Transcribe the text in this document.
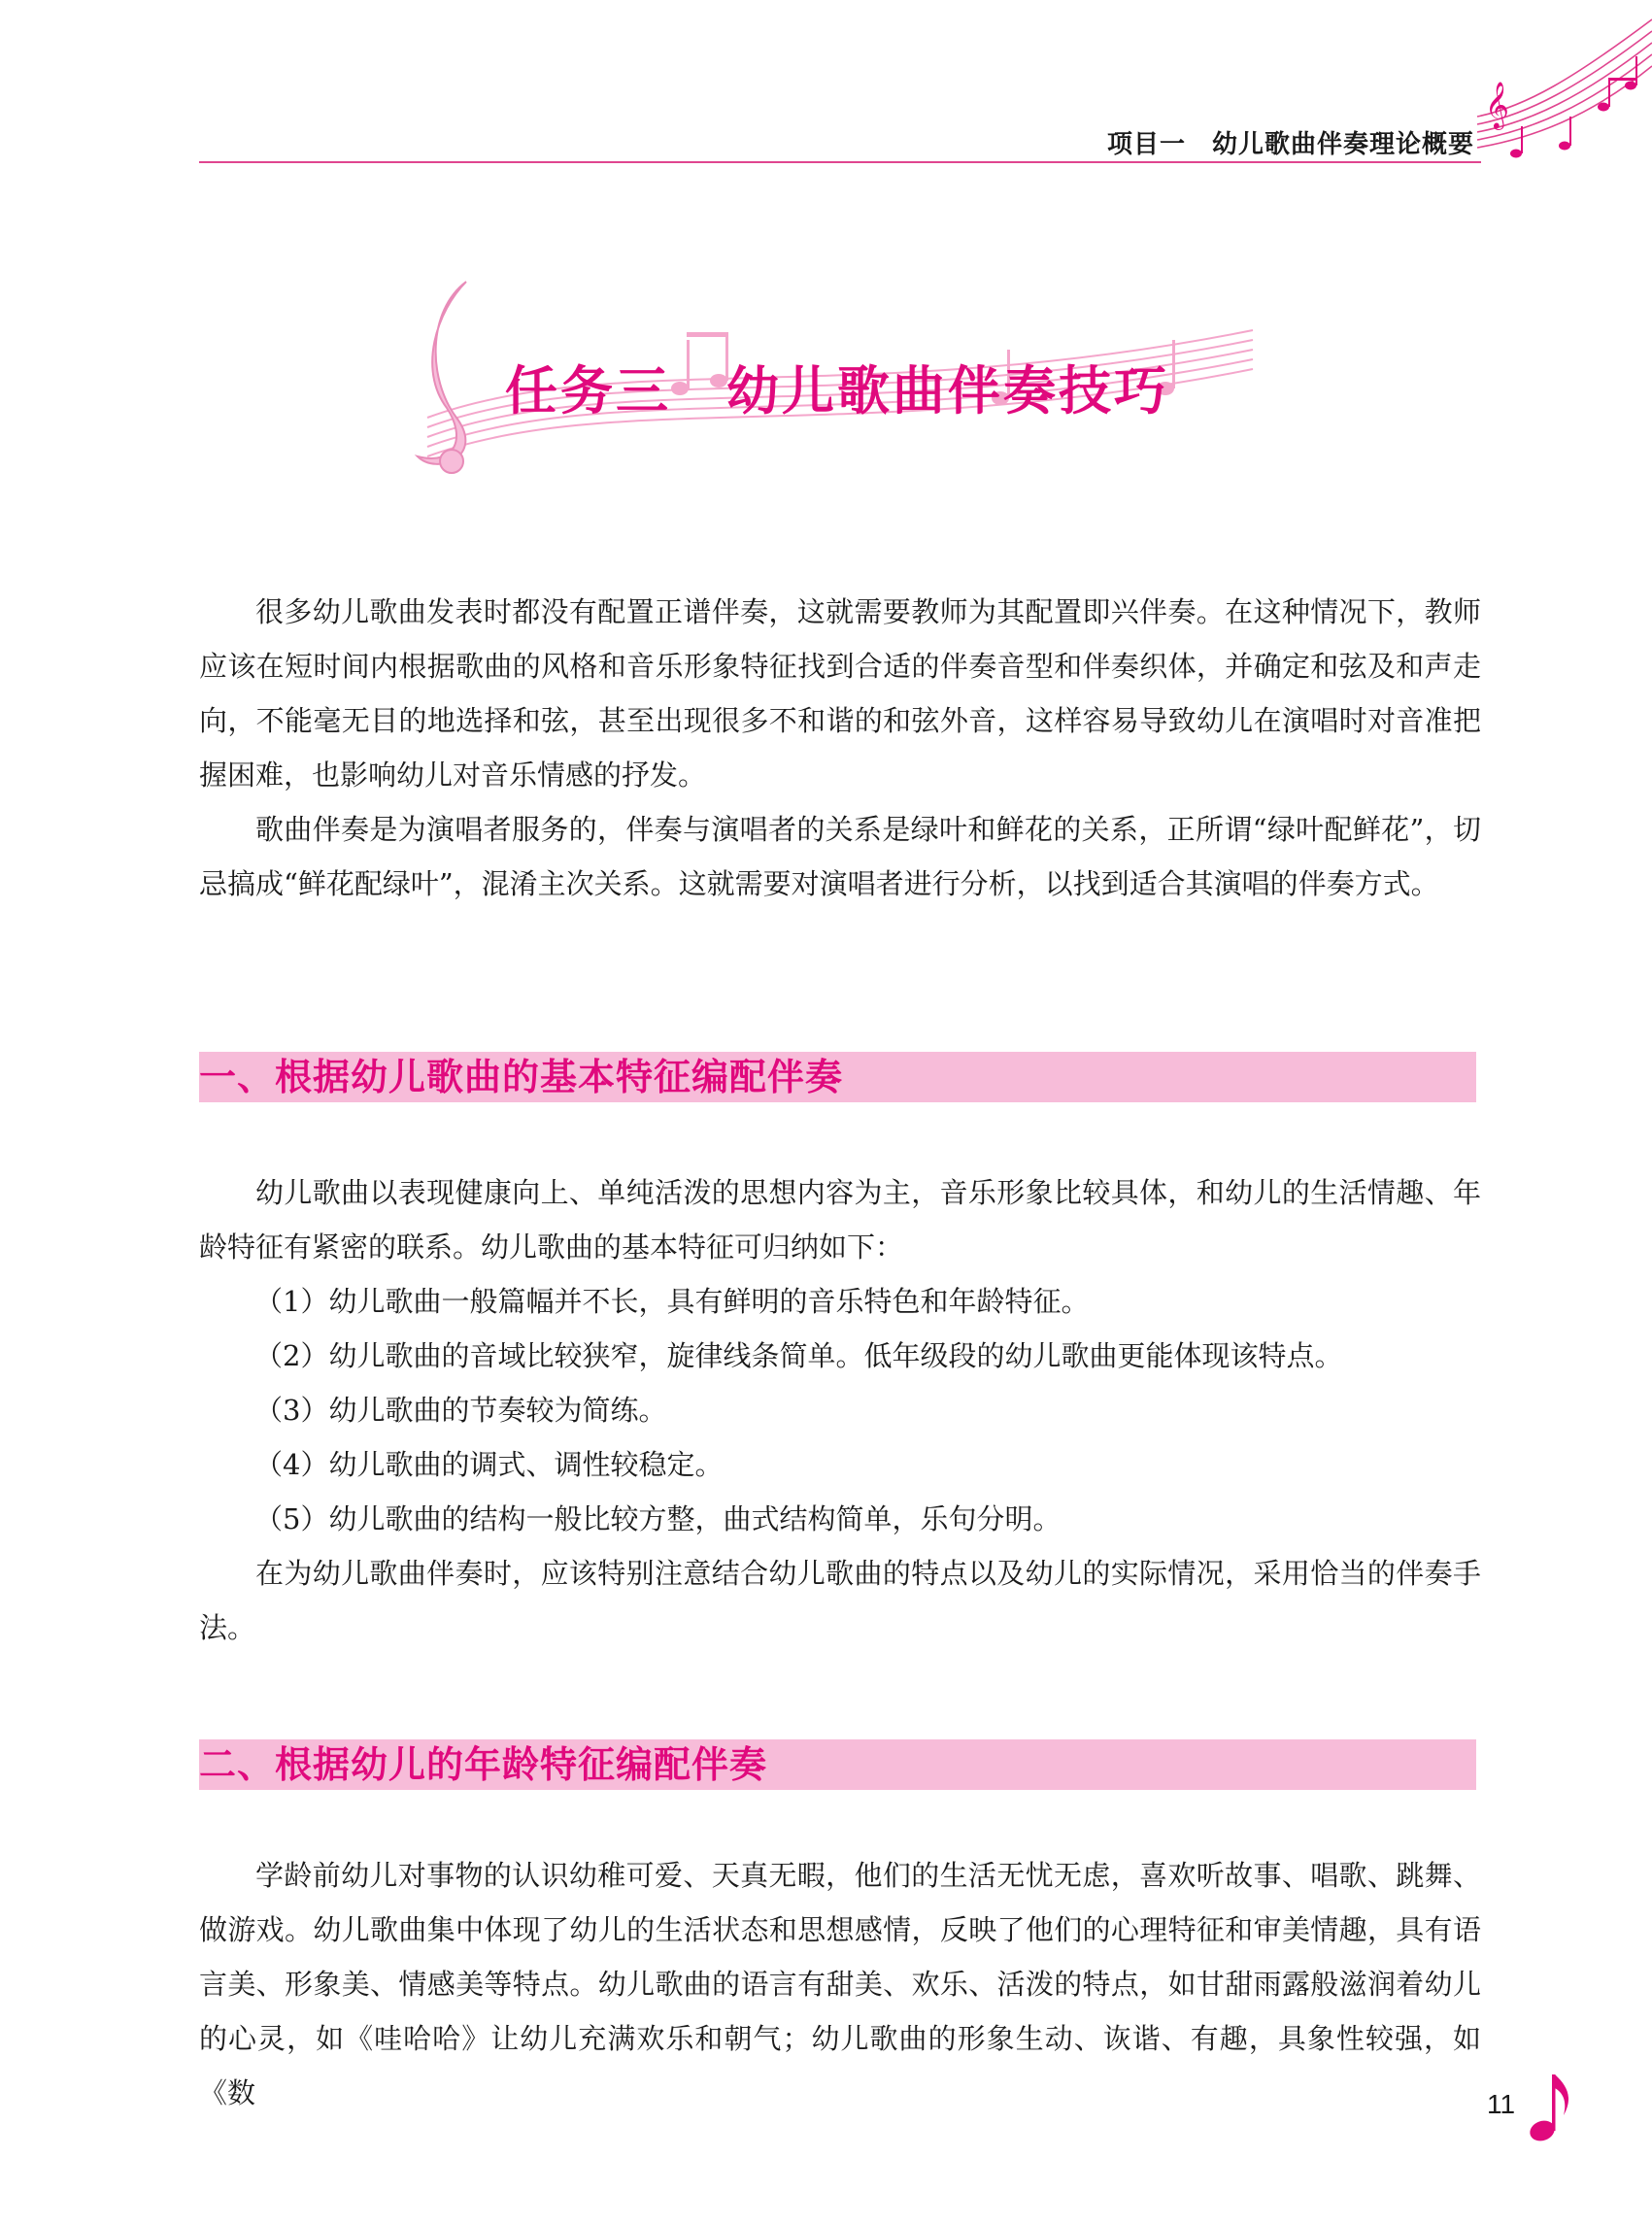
𝄞
项目一　幼儿歌曲伴奏理论概要
任务三　幼儿歌曲伴奏技巧

很多幼儿歌曲发表时都没有配置正谱伴奏，这就需要教师为其配置即兴伴奏。在这种情况下，教师应该在短时间内根据歌曲的风格和音乐形象特征找到合适的伴奏音型和伴奏织体，并确定和弦及和声走向，不能毫无目的地选择和弦，甚至出现很多不和谐的和弦外音，这样容易导致幼儿在演唱时对音准把握困难，也影响幼儿对音乐情感的抒发。

歌曲伴奏是为演唱者服务的，伴奏与演唱者的关系是绿叶和鲜花的关系，正所谓“绿叶配鲜花”，切忌搞成“鲜花配绿叶”，混淆主次关系。这就需要对演唱者进行分析，以找到适合其演唱的伴奏方式。

一、根据幼儿歌曲的基本特征编配伴奏

幼儿歌曲以表现健康向上、单纯活泼的思想内容为主，音乐形象比较具体，和幼儿的生活情趣、年龄特征有紧密的联系。幼儿歌曲的基本特征可归纳如下：

（1）幼儿歌曲一般篇幅并不长，具有鲜明的音乐特色和年龄特征。

（2）幼儿歌曲的音域比较狭窄，旋律线条简单。低年级段的幼儿歌曲更能体现该特点。

（3）幼儿歌曲的节奏较为简练。

（4）幼儿歌曲的调式、调性较稳定。

（5）幼儿歌曲的结构一般比较方整，曲式结构简单，乐句分明。

在为幼儿歌曲伴奏时，应该特别注意结合幼儿歌曲的特点以及幼儿的实际情况，采用恰当的伴奏手法。

二、根据幼儿的年龄特征编配伴奏

学龄前幼儿对事物的认识幼稚可爱、天真无暇，他们的生活无忧无虑，喜欢听故事、唱歌、跳舞、做游戏。幼儿歌曲集中体现了幼儿的生活状态和思想感情，反映了他们的心理特征和审美情趣，具有语言美、形象美、情感美等特点。幼儿歌曲的语言有甜美、欢乐、活泼的特点，如甘甜雨露般滋润着幼儿的心灵，如《哇哈哈》让幼儿充满欢乐和朝气；幼儿歌曲的形象生动、诙谐、有趣，具象性较强，如《数	11
